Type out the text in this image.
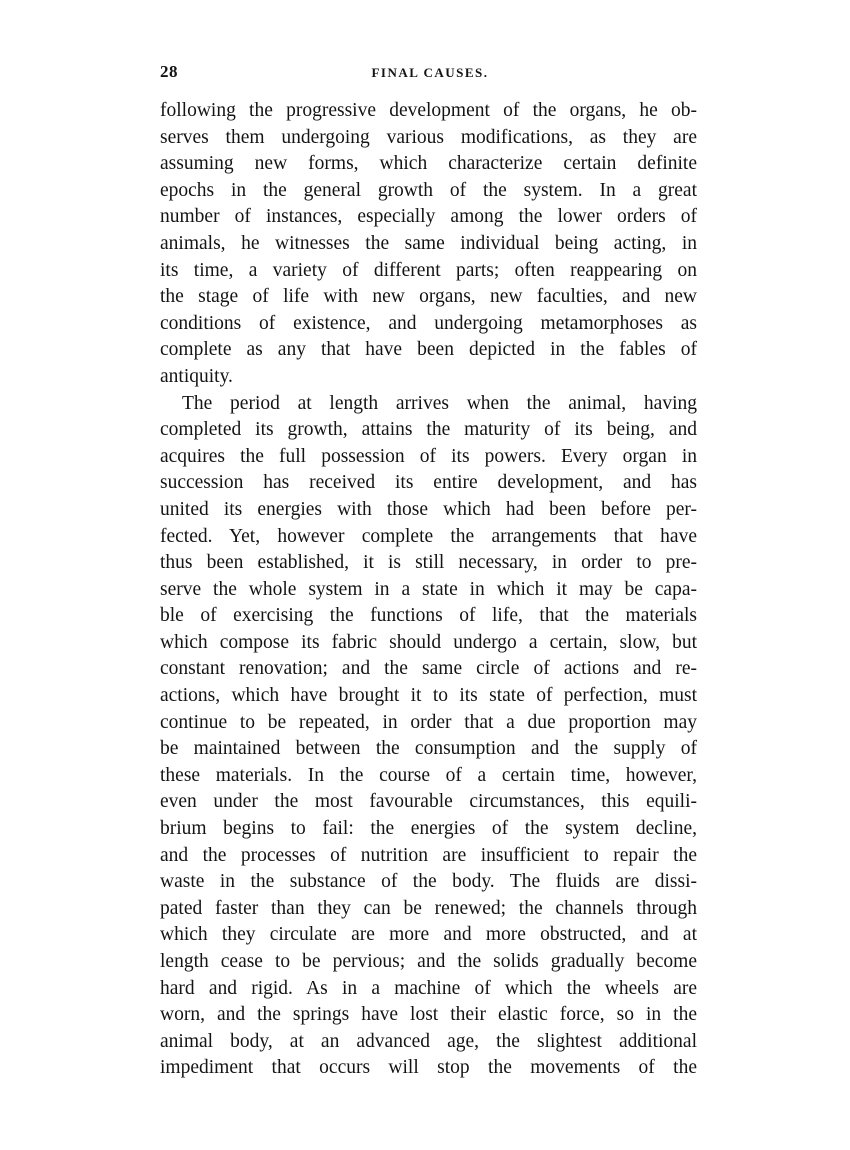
28	FINAL CAUSES.
following the progressive development of the organs, he ob-
serves them undergoing various modifications, as they are
assuming new forms, which characterize certain definite
epochs in the general growth of the system. In a great
number of instances, especially among the lower orders of
animals, he witnesses the same individual being acting, in
its time, a variety of different parts; often reappearing on
the stage of life with new organs, new faculties, and new
conditions of existence, and undergoing metamorphoses as
complete as any that have been depicted in the fables of
antiquity.
The period at length arrives when the animal, having
completed its growth, attains the maturity of its being, and
acquires the full possession of its powers. Every organ in
succession has received its entire development, and has
united its energies with those which had been before per-
fected. Yet, however complete the arrangements that have
thus been established, it is still necessary, in order to pre-
serve the whole system in a state in which it may be capa-
ble of exercising the functions of life, that the materials
which compose its fabric should undergo a certain, slow, but
constant renovation; and the same circle of actions and re-
actions, which have brought it to its state of perfection, must
continue to be repeated, in order that a due proportion may
be maintained between the consumption and the supply of
these materials. In the course of a certain time, however,
even under the most favourable circumstances, this equili-
brium begins to fail: the energies of the system decline,
and the processes of nutrition are insufficient to repair the
waste in the substance of the body. The fluids are dissi-
pated faster than they can be renewed; the channels through
which they circulate are more and more obstructed, and at
length cease to be pervious; and the solids gradually become
hard and rigid. As in a machine of which the wheels are
worn, and the springs have lost their elastic force, so in the
animal body, at an advanced age, the slightest additional
impediment that occurs will stop the movements of the
